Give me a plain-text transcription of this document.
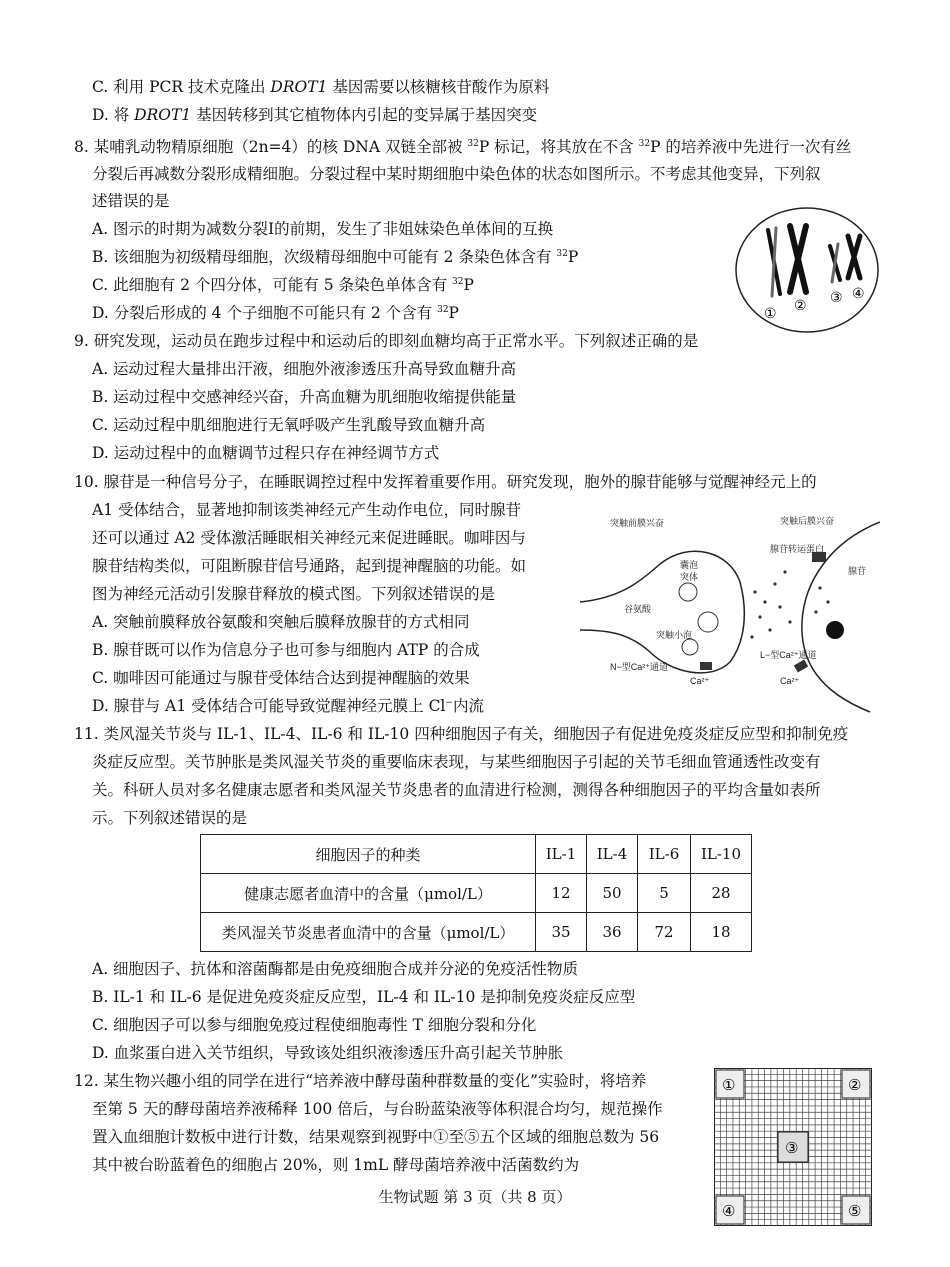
C. 利用 PCR 技术克隆出 DROT1 基因需要以核糖核苷酸作为原料
D. 将 DROT1 基因转移到其它植物体内引起的变异属于基因突变
8. 某哺乳动物精原细胞（2n=4）的核 DNA 双链全部被 $^{32}$P 标记，将其放在不含 $^{32}$P 的培养液中先进行一次有丝
分裂后再减数分裂形成精细胞。分裂过程中某时期细胞中染色体的状态如图所示。不考虑其他变异，下列叙
述错误的是
A. 图示的时期为减数分裂Ⅰ的前期，发生了非姐妹染色单体间的互换
B. 该细胞为初级精母细胞，次级精母细胞中可能有 2 条染色体含有 $^{32}$P
C. 此细胞有 2 个四分体，可能有 5 条染色单体含有 $^{32}$P
D. 分裂后形成的 4 个子细胞不可能只有 2 个含有 $^{32}$P	① ② ③ ④
9. 研究发现，运动员在跑步过程中和运动后的即刻血糖均高于正常水平。下列叙述正确的是
A. 运动过程大量排出汗液，细胞外液渗透压升高导致血糖升高
B. 运动过程中交感神经兴奋，升高血糖为肌细胞收缩提供能量
C. 运动过程中肌细胞进行无氧呼吸产生乳酸导致血糖升高
D. 运动过程中的血糖调节过程只存在神经调节方式
10. 腺苷是一种信号分子，在睡眠调控过程中发挥着重要作用。研究发现，胞外的腺苷能够与觉醒神经元上的
A1 受体结合，显著地抑制该类神经元产生动作电位，同时腺苷
还可以通过 A2 受体激活睡眠相关神经元来促进睡眠。咖啡因与
腺苷结构类似，可阻断腺苷信号通路，起到提神醒脑的功能。如
图为神经元活动引发腺苷释放的模式图。下列叙述错误的是
A. 突触前膜释放谷氨酸和突触后膜释放腺苷的方式相同
B. 腺苷既可以作为信息分子也可参与细胞内 ATP 的合成
C. 咖啡因可能通过与腺苷受体结合达到提神醒脑的效果
D. 腺苷与 A1 受体结合可能导致觉醒神经元膜上 Cl−内流
突触前膜兴奋	突触后膜兴奋
腺苷转运蛋白
腺苷
囊泡
突体
谷氨酸
突触小泡
N−型Ca²⁺通道
Ca²⁺
L−型Ca²⁺通道
Ca²⁺
11. 类风湿关节炎与 IL-1、IL-4、IL-6 和 IL-10 四种细胞因子有关，细胞因子有促进免疫炎症反应型和抑制免疫
炎症反应型。关节肿胀是类风湿关节炎的重要临床表现，与某些细胞因子引起的关节毛细血管通透性改变有
关。科研人员对多名健康志愿者和类风湿关节炎患者的血清进行检测，测得各种细胞因子的平均含量如表所
示。下列叙述错误的是
细胞因子的种类	IL-1	IL-4	IL-6	IL-10
健康志愿者血清中的含量（μmol/L）	12	50	5	28
类风湿关节炎患者血清中的含量（μmol/L）	35	36	72	18
A. 细胞因子、抗体和溶菌酶都是由免疫细胞合成并分泌的免疫活性物质
B. IL-1 和 IL-6 是促进免疫炎症反应型，IL-4 和 IL-10 是抑制免疫炎症反应型
C. 细胞因子可以参与细胞免疫过程使细胞毒性 T 细胞分裂和分化
D. 血浆蛋白进入关节组织，导致该处组织液渗透压升高引起关节肿胀
12. 某生物兴趣小组的同学在进行“培养液中酵母菌种群数量的变化”实验时，将培养
至第 5 天的酵母菌培养液稀释 100 倍后，与台盼蓝染液等体积混合均匀，规范操作
置入血细胞计数板中进行计数，结果观察到视野中①至⑤五个区域的细胞总数为 56
其中被台盼蓝着色的细胞占 20%，则 1mL 酵母菌培养液中活菌数约为
①	②
③
④	⑤
生物试题 第 3 页（共 8 页）
